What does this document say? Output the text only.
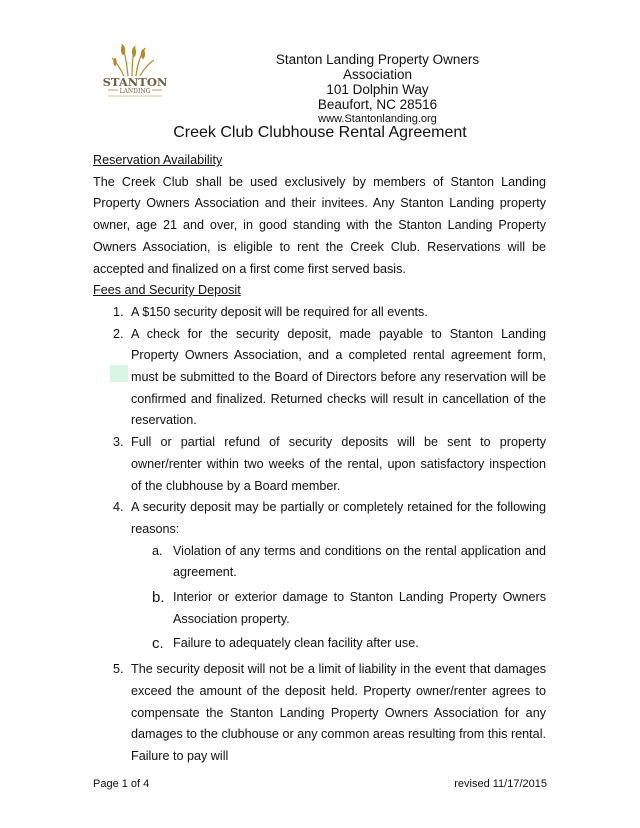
STANTON
LANDING
Stanton Landing Property Owners Association
101 Dolphin Way
Beaufort, NC 28516
www.Stantonlanding.org
Creek Club Clubhouse Rental Agreement
Reservation Availability
The Creek Club shall be used exclusively by members of Stanton Landing Property Owners Association and their invitees. Any Stanton Landing property owner, age 21 and over, in good standing with the Stanton Landing Property Owners Association, is eligible to rent the Creek Club. Reservations will be accepted and finalized on a first come first served basis.
Fees and Security Deposit
1. A $150 security deposit will be required for all events.
2. A check for the security deposit, made payable to Stanton Landing Property Owners Association, and a completed rental agreement form, must be submitted to the Board of Directors before any reservation will be confirmed and finalized. Returned checks will result in cancellation of the reservation.
3. Full or partial refund of security deposits will be sent to property owner/renter within two weeks of the rental, upon satisfactory inspection of the clubhouse by a Board member.
4. A security deposit may be partially or completely retained for the following reasons:
a. Violation of any terms and conditions on the rental application and agreement.
b. Interior or exterior damage to Stanton Landing Property Owners Association property.
c. Failure to adequately clean facility after use.
5. The security deposit will not be a limit of liability in the event that damages exceed the amount of the deposit held. Property owner/renter agrees to compensate the Stanton Landing Property Owners Association for any damages to the clubhouse or any common areas resulting from this rental. Failure to pay will
Page 1 of 4	revised 11/17/2015
